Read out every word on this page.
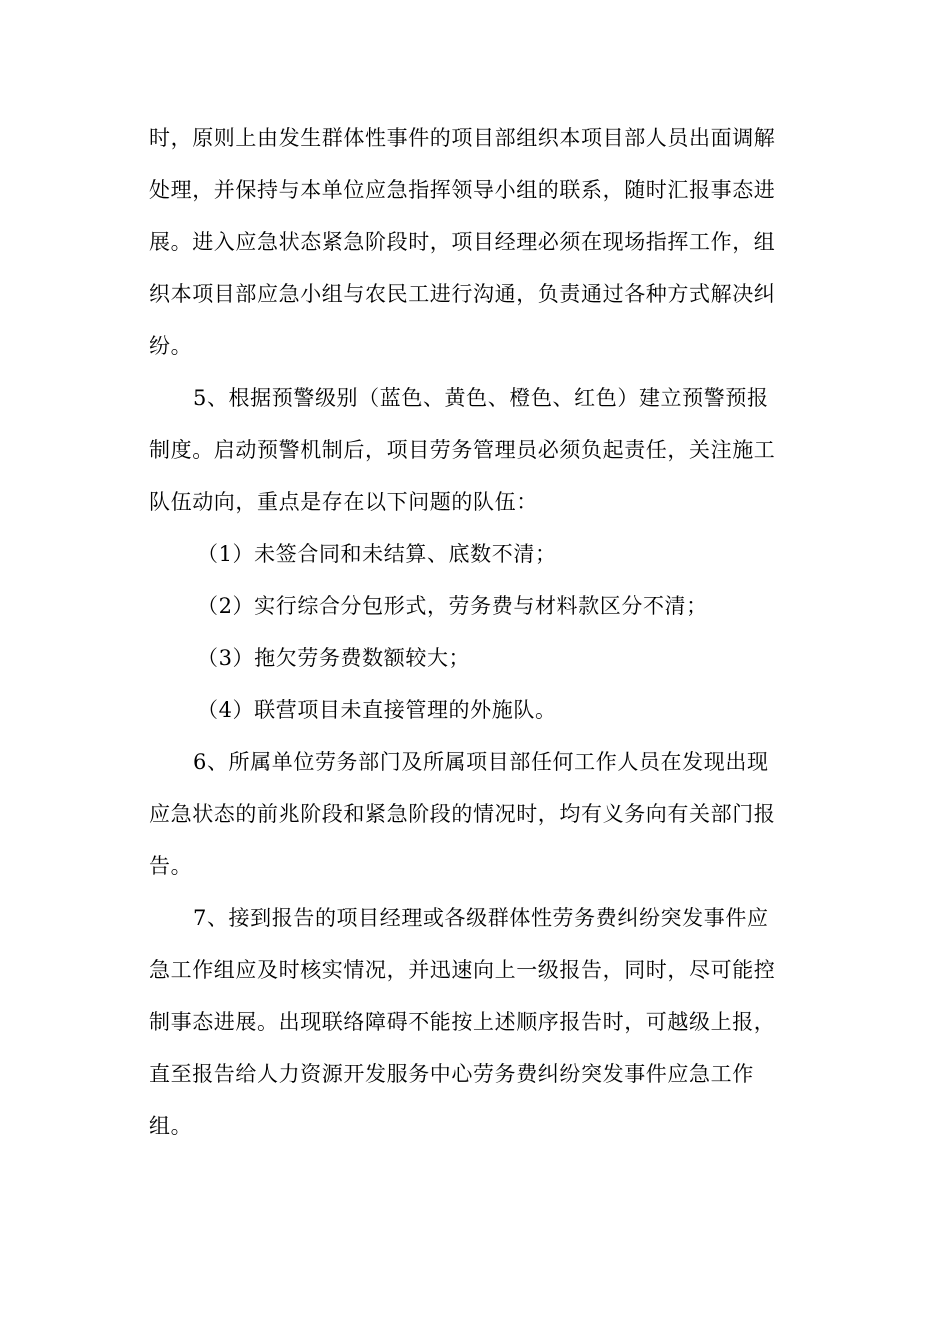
时，原则上由发生群体性事件的项目部组织本项目部人员出面调解
处理，并保持与本单位应急指挥领导小组的联系，随时汇报事态进
展。进入应急状态紧急阶段时，项目经理必须在现场指挥工作，组
织本项目部应急小组与农民工进行沟通，负责通过各种方式解决纠
纷。
5、根据预警级别（蓝色、黄色、橙色、红色）建立预警预报
制度。启动预警机制后，项目劳务管理员必须负起责任，关注施工
队伍动向，重点是存在以下问题的队伍：
（1）未签合同和未结算、底数不清；
（2）实行综合分包形式，劳务费与材料款区分不清；
（3）拖欠劳务费数额较大；
（4）联营项目未直接管理的外施队。
6、所属单位劳务部门及所属项目部任何工作人员在发现出现
应急状态的前兆阶段和紧急阶段的情况时，均有义务向有关部门报
告。
7、接到报告的项目经理或各级群体性劳务费纠纷突发事件应
急工作组应及时核实情况，并迅速向上一级报告，同时，尽可能控
制事态进展。出现联络障碍不能按上述顺序报告时，可越级上报，
直至报告给人力资源开发服务中心劳务费纠纷突发事件应急工作
组。
